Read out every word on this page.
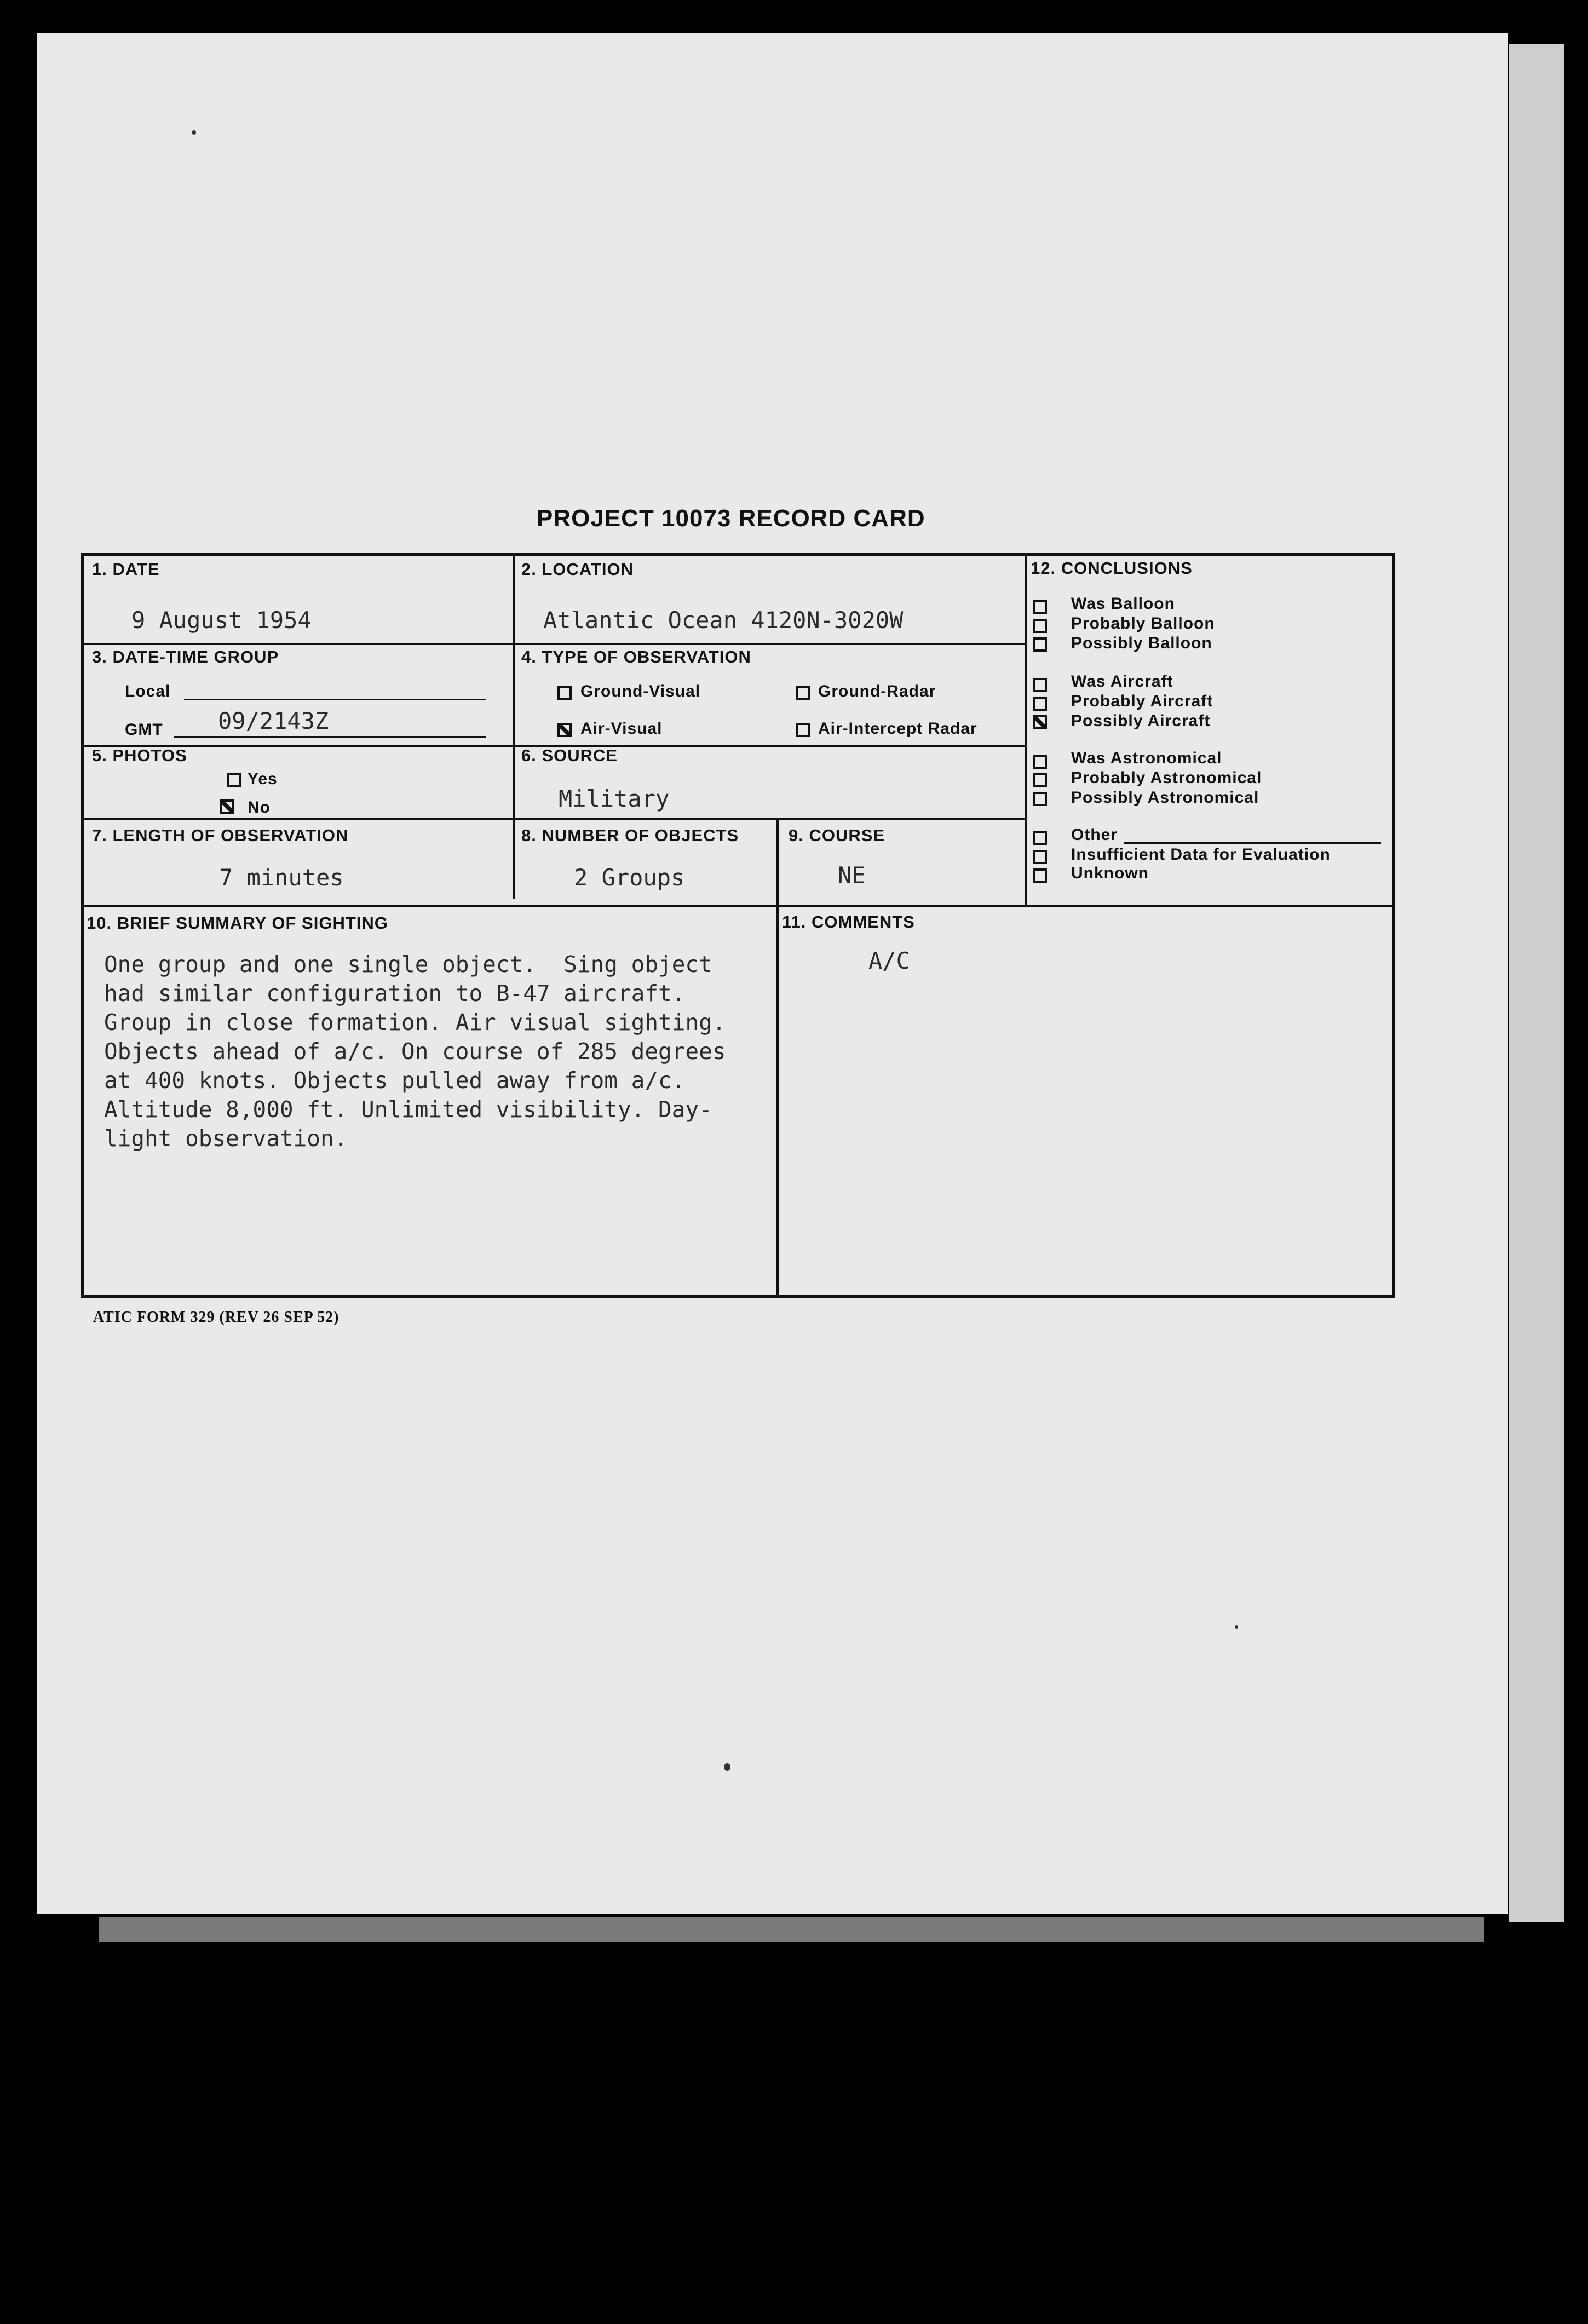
PROJECT 10073 RECORD CARD
1. DATE
9 August 1954
2. LOCATION
Atlantic Ocean 4120N-3020W
3. DATE-TIME GROUP
Local
GMT 09/2143Z
4. TYPE OF OBSERVATION
Ground-Visual	Ground-Radar
Air-Visual	Air-Intercept Radar
5. PHOTOS
Yes
No
6. SOURCE
Military
7. LENGTH OF OBSERVATION
7 minutes
8. NUMBER OF OBJECTS
2 Groups
9. COURSE
NE
10. BRIEF SUMMARY OF SIGHTING
One group and one single object.  Sing object
had similar configuration to B-47 aircraft.
Group in close formation. Air visual sighting.
Objects ahead of a/c. On course of 285 degrees
at 400 knots. Objects pulled away from a/c.
Altitude 8,000 ft. Unlimited visibility. Day-
light observation.
11. COMMENTS
A/C
12. CONCLUSIONS
Was Balloon
Probably Balloon
Possibly Balloon
Was Aircraft
Probably Aircraft
Possibly Aircraft
Was Astronomical
Probably Astronomical
Possibly Astronomical
Other
Insufficient Data for Evaluation
Unknown
ATIC FORM 329 (REV 26 SEP 52)
